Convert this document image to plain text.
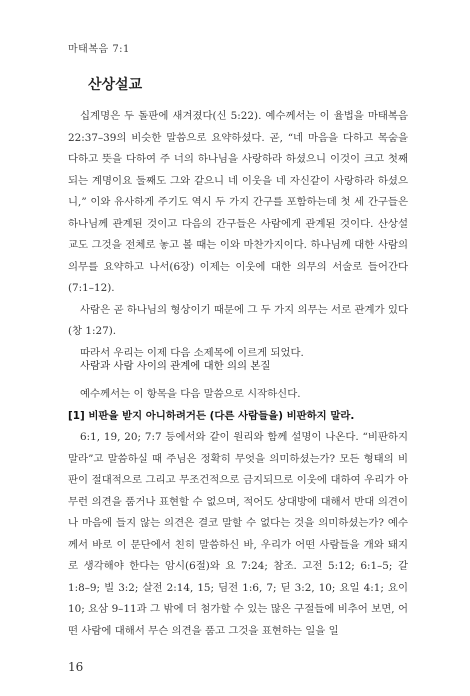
마태복음 7:1
산상설교

십계명은 두 돌판에 새겨졌다(신 5:22). 예수께서는 이 율법을 마태복음 22:37–39의 비슷한 말씀으로 요약하셨다. 곧, “네 마음을 다하고 목숨을 다하고 뜻을 다하여 주 너의 하나님을 사랑하라 하셨으니 이것이 크고 첫째 되는 계명이요 둘째도 그와 같으니 네 이웃을 네 자신같이 사랑하라 하셨으니,” 이와 유사하게 주기도 역시 두 가지 간구를 포함하는데 첫 세 간구들은 하나님께 관계된 것이고 다음의 간구들은 사람에게 관계된 것이다. 산상설교도 그것을 전체로 놓고 볼 때는 이와 마찬가지이다. 하나님께 대한 사람의 의무를 요약하고 나서(6장) 이제는 이웃에 대한 의무의 서술로 들어간다(7:1–12).

사람은 곧 하나님의 형상이기 때문에 그 두 가지 의무는 서로 관계가 있다(창 1:27).

따라서 우리는 이제 다음 소제목에 이르게 되었다.

사람과 사람 사이의 관계에 대한 의의 본질

예수께서는 이 항목을 다음 말씀으로 시작하신다.

[1] 비판을 받지 아니하려거든 (다른 사람들을) 비판하지 말라.

6:1, 19, 20; 7:7 등에서와 같이 원리와 함께 설명이 나온다. “비판하지 말라”고 말씀하실 때 주님은 정확히 무엇을 의미하셨는가? 모든 형태의 비판이 절대적으로 그리고 무조건적으로 금지되므로 이웃에 대하여 우리가 아무런 의견을 품거나 표현할 수 없으며, 적어도 상대방에 대해서 반대 의견이나 마음에 들지 않는 의견은 결코 말할 수 없다는 것을 의미하셨는가? 예수께서 바로 이 문단에서 친히 말씀하신 바, 우리가 어떤 사람들을 개와 돼지로 생각해야 한다는 암시(6절)와 요 7:24; 참조. 고전 5:12; 6:1–5; 갈 1:8–9; 빌 3:2; 살전 2:14, 15; 딤전 1:6, 7; 딛 3:2, 10; 요일 4:1; 요이 10; 요삼 9–11과 그 밖에 더 첨가할 수 있는 많은 구절들에 비추어 보면, 어떤 사람에 대해서 무슨 의견을 품고 그것을 표현하는 일을 일

16
